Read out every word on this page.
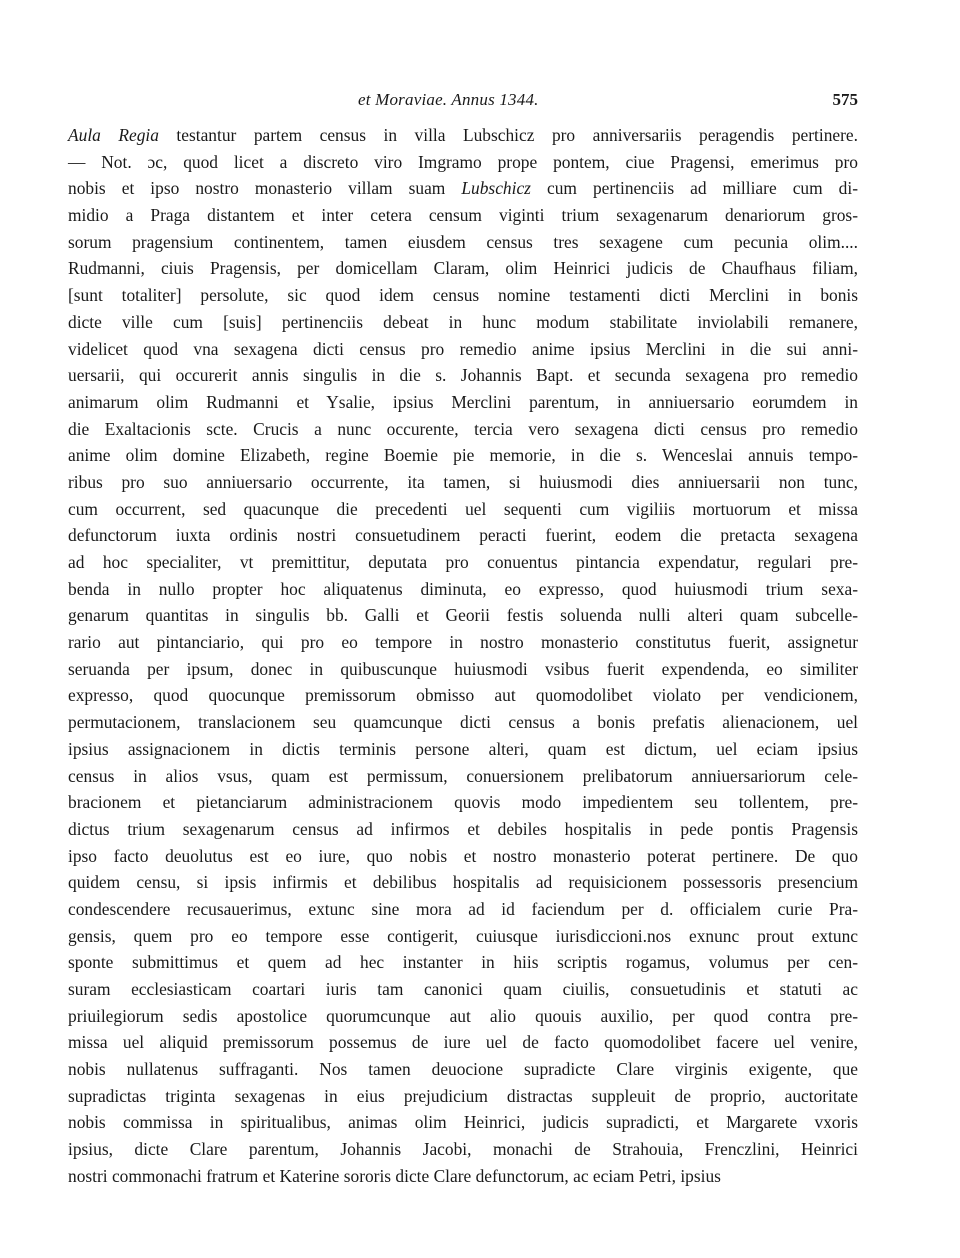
et Moraviae. Annus 1344.	575
Aula Regia testantur partem census in villa Lubschicz pro anniversariis peragendis pertinere.
— Not. ɔc, quod licet a discreto viro Imgramo prope pontem, ciue Pragensi, emerimus pro
nobis et ipso nostro monasterio villam suam Lubschicz cum pertinenciis ad milliare cum di-
midio a Praga distantem et inter cetera censum viginti trium sexagenarum denariorum gros-
sorum pragensium continentem, tamen eiusdem census tres sexagene cum pecunia olim....
Rudmanni, ciuis Pragensis, per domicellam Claram, olim Heinrici judicis de Chaufhaus filiam,
[sunt totaliter] persolute, sic quod idem census nomine testamenti dicti Merclini in bonis
dicte ville cum [suis] pertinenciis debeat in hunc modum stabilitate inviolabili remanere,
videlicet quod vna sexagena dicti census pro remedio anime ipsius Merclini in die sui anni-
uersarii, qui occurerit annis singulis in die s. Johannis Bapt. et secunda sexagena pro remedio
animarum olim Rudmanni et Ysalie, ipsius Merclini parentum, in anniuersario eorumdem in
die Exaltacionis scte. Crucis a nunc occurente, tercia vero sexagena dicti census pro remedio
anime olim domine Elizabeth, regine Boemie pie memorie, in die s. Wenceslai annuis tempo-
ribus pro suo anniuersario occurrente, ita tamen, si huiusmodi dies anniuersarii non tunc,
cum occurrent, sed quacunque die precedenti uel sequenti cum vigiliis mortuorum et missa
defunctorum iuxta ordinis nostri consuetudinem peracti fuerint, eodem die pretacta sexagena
ad hoc specialiter, vt premittitur, deputata pro conuentus pintancia expendatur, regulari pre-
benda in nullo propter hoc aliquatenus diminuta, eo expresso, quod huiusmodi trium sexa-
genarum quantitas in singulis bb. Galli et Georii festis soluenda nulli alteri quam subcelle-
rario aut pintanciario, qui pro eo tempore in nostro monasterio constitutus fuerit, assignetur
seruanda per ipsum, donec in quibuscunque huiusmodi vsibus fuerit expendenda, eo similiter
expresso, quod quocunque premissorum obmisso aut quomodolibet violato per vendicionem,
permutacionem, translacionem seu quamcunque dicti census a bonis prefatis alienacionem, uel
ipsius assignacionem in dictis terminis persone alteri, quam est dictum, uel eciam ipsius
census in alios vsus, quam est permissum, conuersionem prelibatorum anniuersariorum cele-
bracionem et pietanciarum administracionem quovis modo impedientem seu tollentem, pre-
dictus trium sexagenarum census ad infirmos et debiles hospitalis in pede pontis Pragensis
ipso facto deuolutus est eo iure, quo nobis et nostro monasterio poterat pertinere. De quo
quidem censu, si ipsis infirmis et debilibus hospitalis ad requisicionem possessoris presencium
condescendere recusauerimus, extunc sine mora ad id faciendum per d. officialem curie Pra-
gensis, quem pro eo tempore esse contigerit, cuiusque iurisdiccioni.nos exnunc prout extunc
sponte submittimus et quem ad hec instanter in hiis scriptis rogamus, volumus per cen-
suram ecclesiasticam coartari iuris tam canonici quam ciuilis, consuetudinis et statuti ac
priuilegiorum sedis apostolice quorumcunque aut alio quouis auxilio, per quod contra pre-
missa uel aliquid premissorum possemus de iure uel de facto quomodolibet facere uel venire,
nobis nullatenus suffraganti. Nos tamen deuocione supradicte Clare virginis exigente, que
supradictas triginta sexagenas in eius prejudicium distractas suppleuit de proprio, auctoritate
nobis commissa in spiritualibus, animas olim Heinrici, judicis supradicti, et Margarete vxoris
ipsius, dicte Clare parentum, Johannis Jacobi, monachi de Strahouia, Frenczlini, Heinrici
nostri commonachi fratrum et Katerine sororis dicte Clare defunctorum, ac eciam Petri, ipsius
